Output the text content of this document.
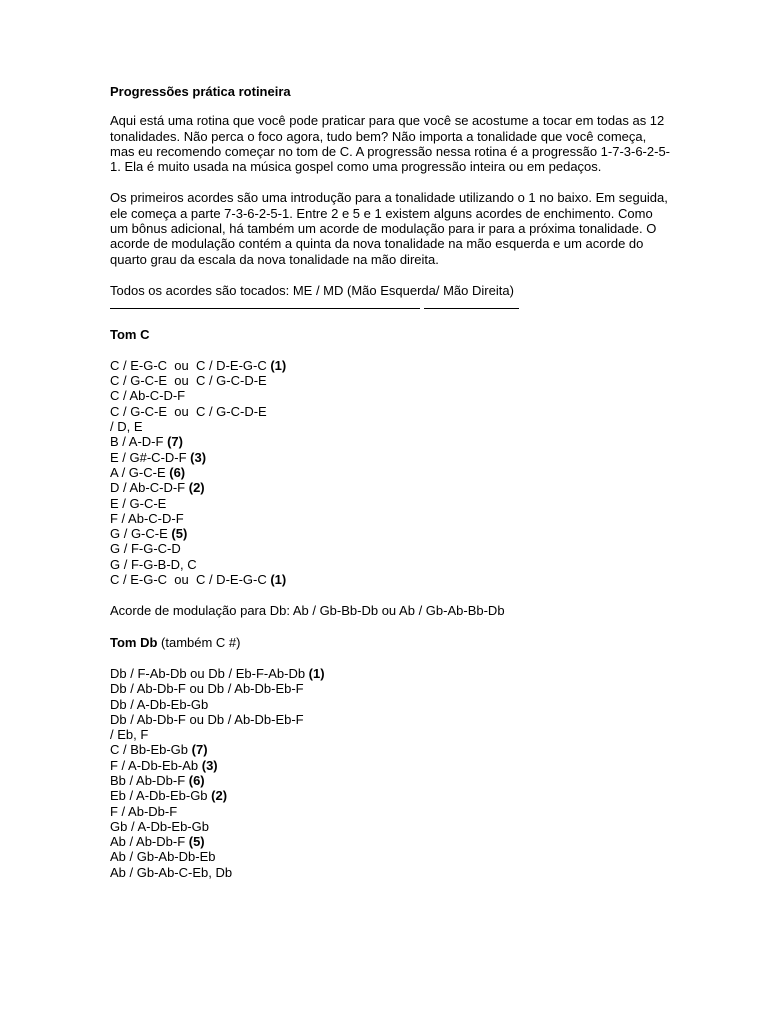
Progressões prática rotineira

Aqui está uma rotina que você pode praticar para que você se acostume a tocar em todas as 12 tonalidades. Não perca o foco agora, tudo bem? Não importa a tonalidade que você começa, mas eu recomendo começar no tom de C. A progressão nessa rotina é a progressão 1-7-3-6-2-5-1. Ela é muito usada na música gospel como uma progressão inteira ou em pedaços.

Os primeiros acordes são uma introdução para a tonalidade utilizando o 1 no baixo. Em seguida, ele começa a parte 7-3-6-2-5-1. Entre 2 e 5 e 1 existem alguns acordes de enchimento. Como um bônus adicional, há também um acorde de modulação para ir para a próxima tonalidade. O acorde de modulação contém a quinta da nova tonalidade na mão esquerda e um acorde do quarto grau da escala da nova tonalidade na mão direita.

Todos os acordes são tocados: ME / MD (Mão Esquerda/ Mão Direita)

Tom C

C / E-G-C  ou  C / D-E-G-C (1)
C / G-C-E  ou  C / G-C-D-E
C / Ab-C-D-F
C / G-C-E  ou  C / G-C-D-E
/ D, E
B / A-D-F (7)
E / G#-C-D-F (3)
A / G-C-E (6)
D / Ab-C-D-F (2)
E / G-C-E
F / Ab-C-D-F
G / G-C-E (5)
G / F-G-C-D
G / F-G-B-D, C
C / E-G-C  ou  C / D-E-G-C (1)

Acorde de modulação para Db: Ab / Gb-Bb-Db ou Ab / Gb-Ab-Bb-Db

Tom Db (também C #)

Db / F-Ab-Db ou Db / Eb-F-Ab-Db (1)
Db / Ab-Db-F ou Db / Ab-Db-Eb-F
Db / A-Db-Eb-Gb
Db / Ab-Db-F ou Db / Ab-Db-Eb-F
/ Eb, F
C / Bb-Eb-Gb (7)
F / A-Db-Eb-Ab (3)
Bb / Ab-Db-F (6)
Eb / A-Db-Eb-Gb (2)
F / Ab-Db-F
Gb / A-Db-Eb-Gb
Ab / Ab-Db-F (5)
Ab / Gb-Ab-Db-Eb
Ab / Gb-Ab-C-Eb, Db
